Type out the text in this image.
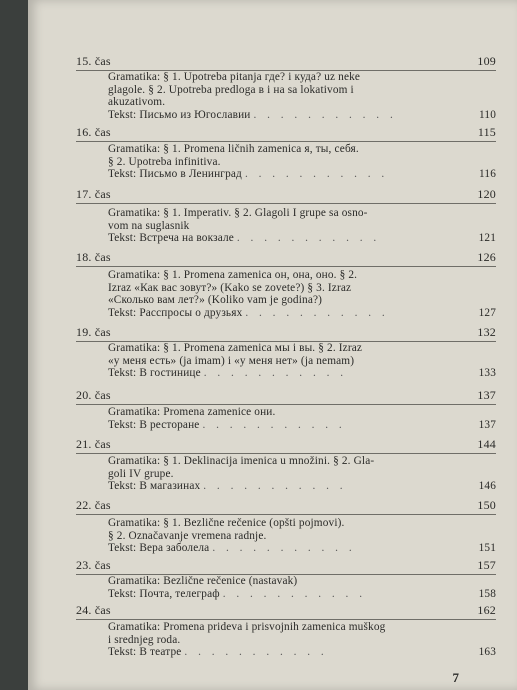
15. čas	109

Gramatika: § 1. Upotreba pitanja где? i куда? uz neke

glagole. § 2. Upotreba predloga в i на sa lokativom i

akuzativom.

Tekst: Письмо из Югославии . . . . . . . . . . .	110
16. čas	115

Gramatika: § 1. Promena ličnih zamenica я, ты, себя.

§ 2. Upotreba infinitiva.

Tekst: Письмо в Ленинград . . . . . . . . . . .	116
17. čas	120

Gramatika: § 1. Imperativ. § 2. Glagoli I grupe sa osno-

vom na suglasnik

Tekst: Встреча на вокзале . . . . . . . . . . .	121
18. čas	126

Gramatika: § 1. Promena zamenica он, она, оно. § 2.

Izraz «Как вас зовут?» (Kako se zovete?) § 3. Izraz

«Сколько вам лет?» (Koliko vam je godina?)

Tekst: Расспросы о друзьях . . . . . . . . . . .	127
19. čas	132

Gramatika: § 1. Promena zamenica мы i вы. § 2. Izraz

«у меня есть» (ja imam) i «у меня нет» (ja nemam)

Tekst: В гостинице . . . . . . . . . . .	133
20. čas	137

Gramatika: Promena zamenice они.

Tekst: В ресторане . . . . . . . . . . .	137
21. čas	144

Gramatika: § 1. Deklinacija imenica u množini. § 2. Gla-

goli IV grupe.

Tekst: В магазинах . . . . . . . . . . .	146
22. čas	150

Gramatika: § 1. Bezlične rečenice (opšti pojmovi).

§ 2. Označavanje vremena radnje.

Tekst: Вера заболела . . . . . . . . . . .	151
23. čas	157

Gramatika: Bezlične rečenice (nastavak)

Tekst: Почта, телеграф . . . . . . . . . . .	158
24. čas	162

Gramatika: Promena prideva i prisvojnih zamenica muškog

i srednjeg roda.

Tekst: В театре . . . . . . . . . . .	163
7
